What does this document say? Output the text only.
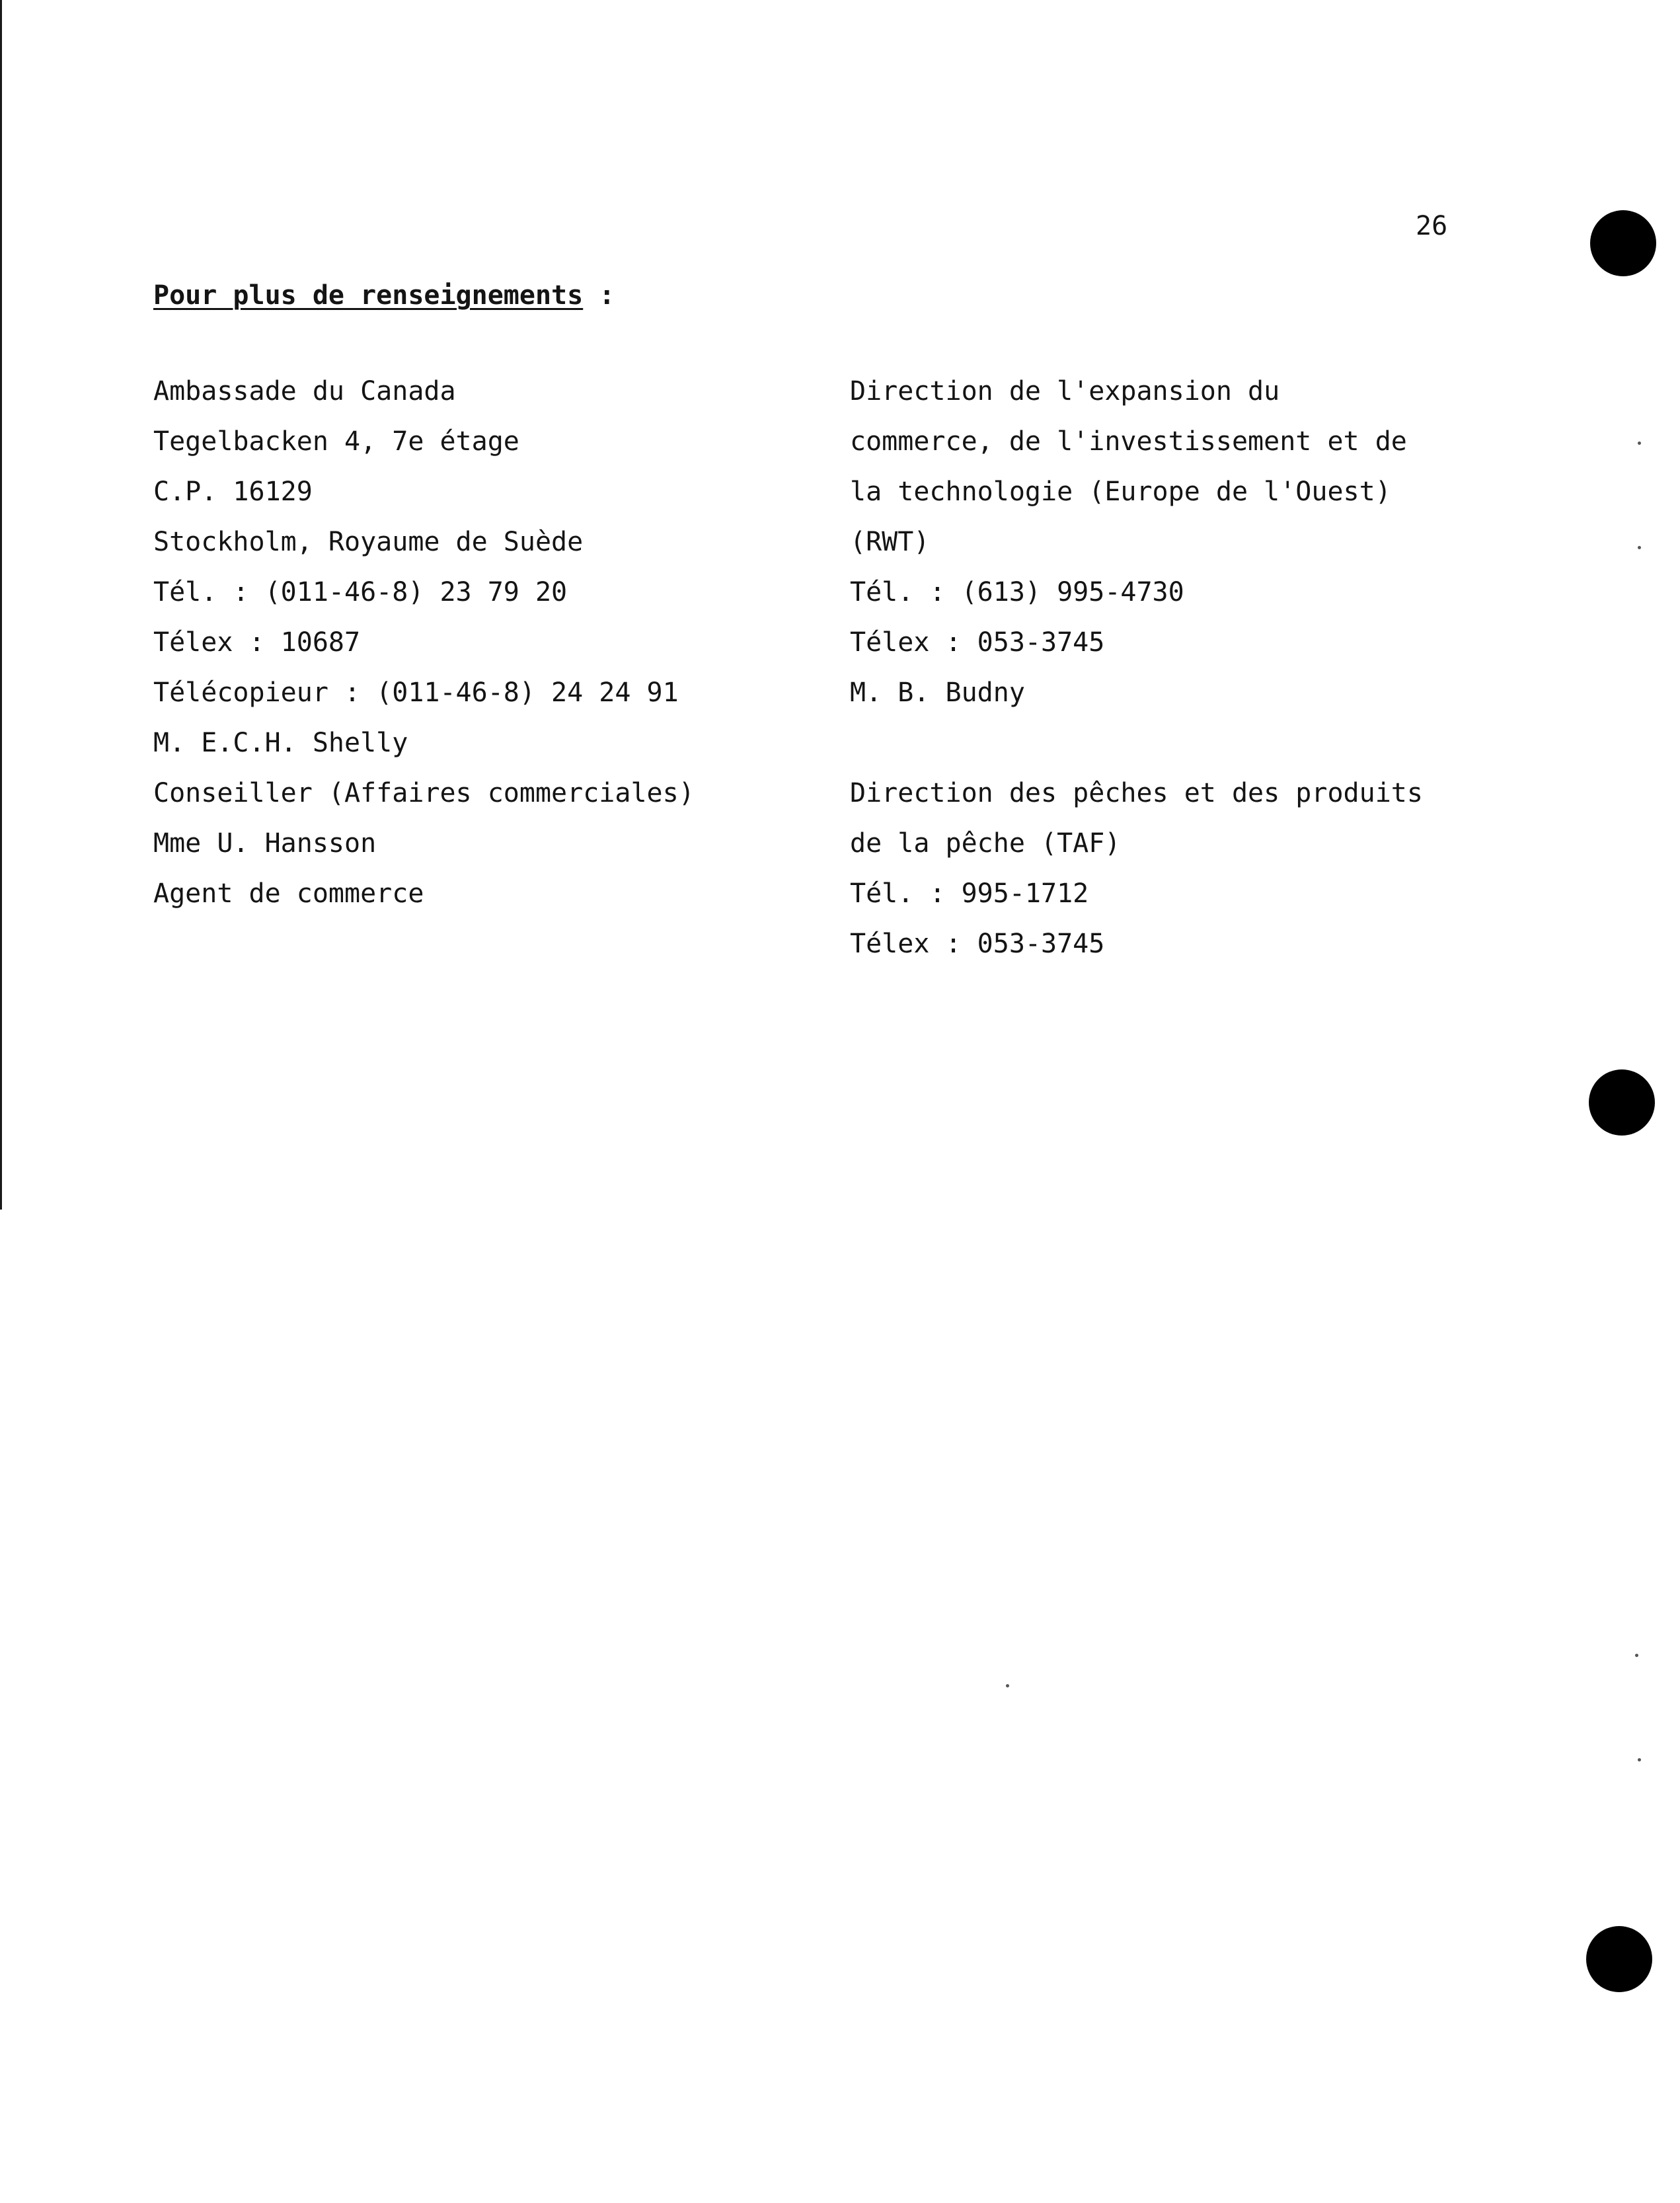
26
Pour plus de renseignements :
Ambassade du Canada
Tegelbacken 4, 7e étage
C.P. 16129
Stockholm, Royaume de Suède
Tél. : (011-46-8) 23 79 20
Télex : 10687
Télécopieur : (011-46-8) 24 24 91
M. E.C.H. Shelly
Conseiller (Affaires commerciales)
Mme U. Hansson
Agent de commerce
Direction de l'expansion du
commerce, de l'investissement et de
la technologie (Europe de l'Ouest)
(RWT)
Tél. : (613) 995-4730
Télex : 053-3745
M. B. Budny
Direction des pêches et des produits
de la pêche (TAF)
Tél. : 995-1712
Télex : 053-3745
